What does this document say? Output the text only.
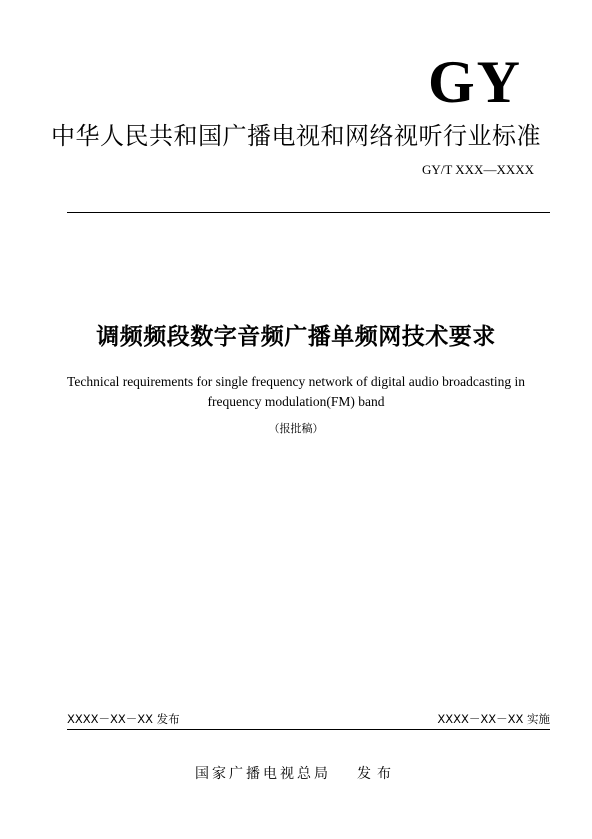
GY
中华人民共和国广播电视和网络视听行业标准
GY/T XXX—XXXX
调频频段数字音频广播单频网技术要求
Technical requirements for single frequency network of digital audio broadcasting in
frequency modulation(FM) band
（报批稿）
XXXX－XX－XX 发布	XXXX－XX－XX 实施
国家广播电视总局 发布
